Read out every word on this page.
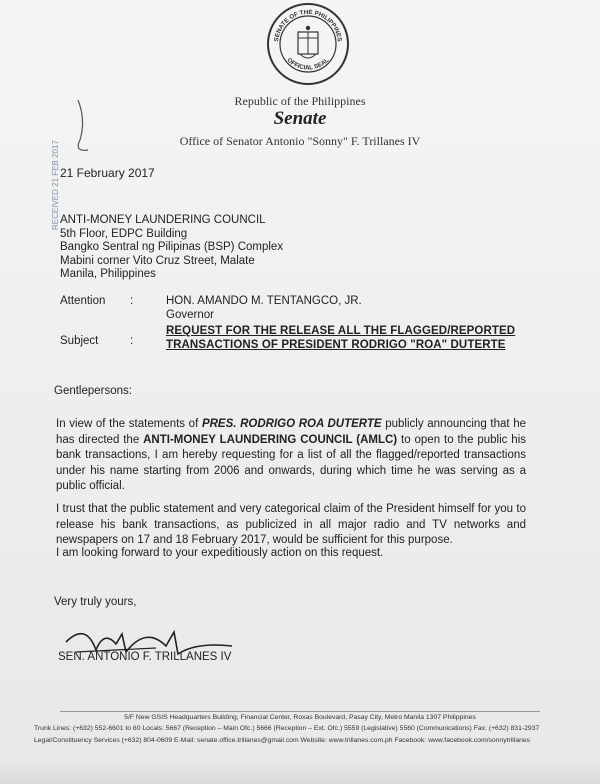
SENATE OF THE PHILIPPINES
OFFICIAL SEAL
Republic of the Philippines
Senate
Office of Senator Antonio "Sonny" F. Trillanes IV
RECEIVED 21 FEB 2017 21 February 2017
ANTI-MONEY LAUNDERING COUNCIL
5th Floor, EDPC Building
Bangko Sentral ng Pilipinas (BSP) Complex
Mabini corner Vito Cruz Street, Malate
Manila, Philippines
Attention :	HON. AMANDO M. TENTANGCO, JR.
Governor
Subject	:
REQUEST FOR THE RELEASE ALL THE FLAGGED/REPORTED
TRANSACTIONS OF PRESIDENT RODRIGO "ROA" DUTERTE
Gentlepersons:
In view of the statements of PRES. RODRIGO ROA DUTERTE publicly announcing that he has directed the ANTI-MONEY LAUNDERING COUNCIL (AMLC) to open to the public his bank transactions, I am hereby requesting for a list of all the flagged/reported transactions under his name starting from 2006 and onwards, during which time he was serving as a public official.
I trust that the public statement and very categorical claim of the President himself for you to release his bank transactions, as publicized in all major radio and TV networks and newspapers on 17 and 18 February 2017, would be sufficient for this purpose.
I am looking forward to your expeditiously action on this request.
Very truly yours,
SEN. ANTONIO F. TRILLANES IV
5/F New GSIS Headquarters Building, Financial Center, Roxas Boulevard, Pasay City, Metro Manila 1307 Philippines
Trunk Lines: (+632) 552-6601 to 80 Locals: 5667 (Reception – Main Ofc.) 5666 (Reception – Ext. Ofc.) 5559 (Legislative) 5560 (Communications) Fax: (+632) 831-2937
Legal/Constituency Services (+632) 804-0609 E-Mail: senate.office.trillanes@gmail.com Website: www.trillanes.com.ph Facebook: www.facebook.com/sonnytrillanes
